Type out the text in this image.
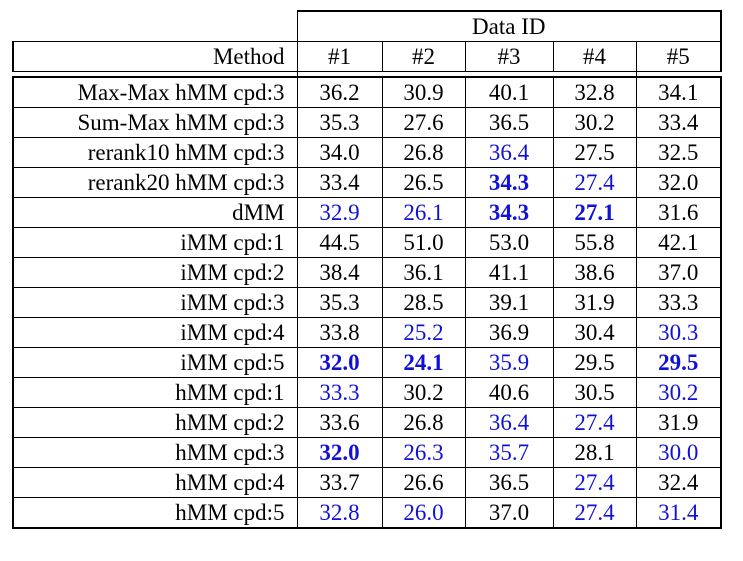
	Data ID				
Method	#1	#2	#3	#4	#5

Max-Max hMM cpd:3	36.2	30.9	40.1	32.8	34.1
Sum-Max hMM cpd:3	35.3	27.6	36.5	30.2	33.4
rerank10 hMM cpd:3	34.0	26.8	36.4	27.5	32.5
rerank20 hMM cpd:3	33.4	26.5	34.3	27.4	32.0
dMM	32.9	26.1	34.3	27.1	31.6
iMM cpd:1	44.5	51.0	53.0	55.8	42.1
iMM cpd:2	38.4	36.1	41.1	38.6	37.0
iMM cpd:3	35.3	28.5	39.1	31.9	33.3
iMM cpd:4	33.8	25.2	36.9	30.4	30.3
iMM cpd:5	32.0	24.1	35.9	29.5	29.5
hMM cpd:1	33.3	30.2	40.6	30.5	30.2
hMM cpd:2	33.6	26.8	36.4	27.4	31.9
hMM cpd:3	32.0	26.3	35.7	28.1	30.0
hMM cpd:4	33.7	26.6	36.5	27.4	32.4
hMM cpd:5	32.8	26.0	37.0	27.4	31.4
